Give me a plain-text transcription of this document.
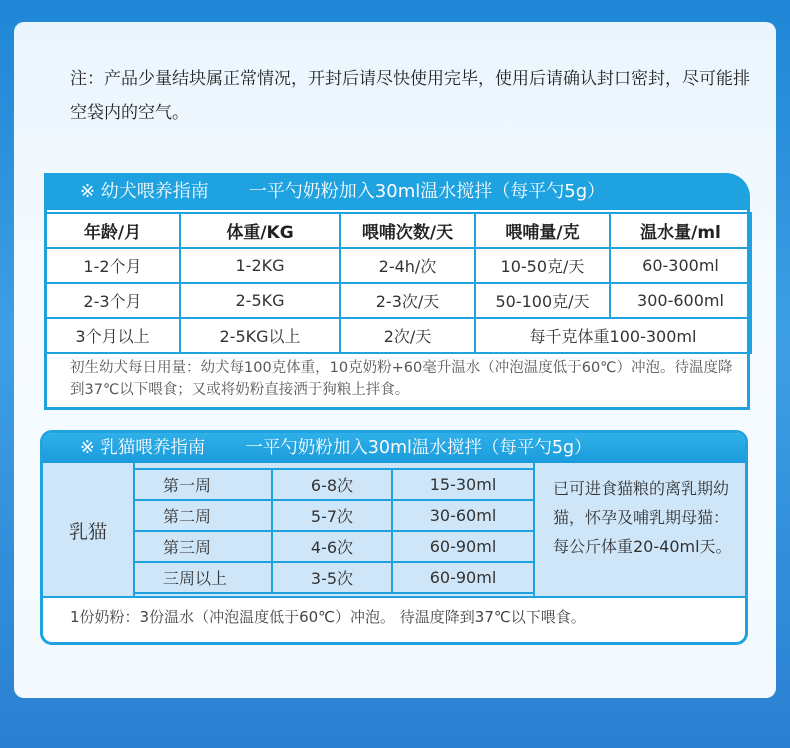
注：产品少量结块属正常情况，开封后请尽快使用完毕，使用后请确认封口密封，尽可能排空袋内的空气。

※ 幼犬喂养指南 一平勺奶粉加入30ml温水搅拌（每平勺5g）
年龄/月	体重/KG	喂哺次数/天	喂哺量/克	温水量/ml
1-2个月	1-2KG	2-4h/次	10-50克/天	60-300ml
2-3个月	2-5KG	2-3次/天	50-100克/天	300-600ml
3个月以上	2-5KG以上	2次/天	每千克体重100-300ml	

初生幼犬每日用量：幼犬每100克体重，10克奶粉+60毫升温水（冲泡温度低于60℃）冲泡。待温度降到37℃以下喂食；又或将奶粉直接洒于狗粮上拌食。

※ 乳猫喂养指南 一平勺奶粉加入30ml温水搅拌（每平勺5g）
乳猫
第一周	6-8次	15-30ml
第二周	5-7次	30-60ml
第三周	4-6次	60-90ml
三周以上	3-5次	60-90ml

已可进食猫粮的离乳期幼猫，怀孕及哺乳期母猫：每公斤体重20-40ml天。

1份奶粉：3份温水（冲泡温度低于60℃）冲泡。 待温度降到37℃以下喂食。
